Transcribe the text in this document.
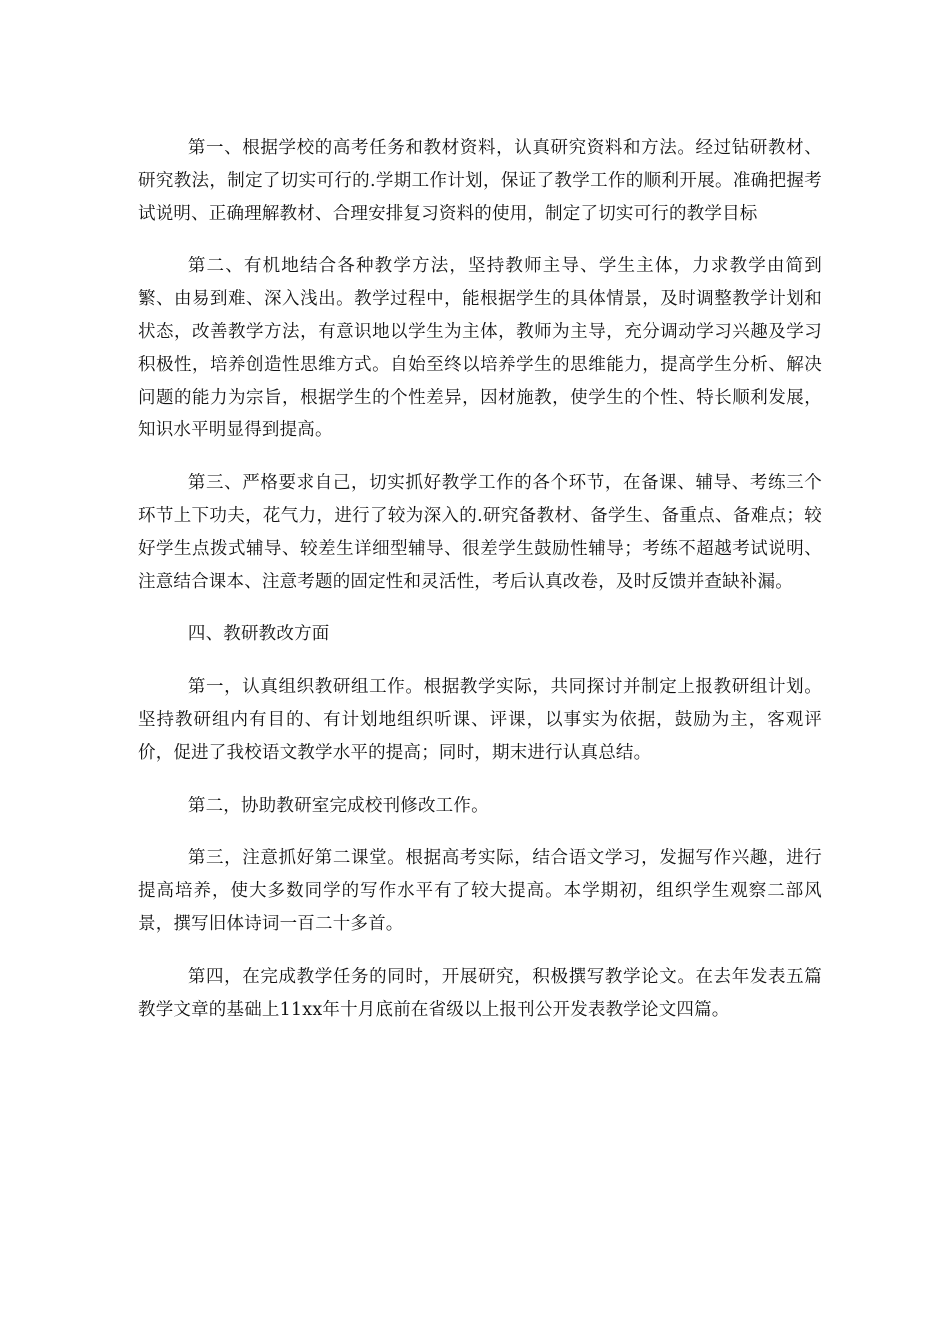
第一、根据学校的高考任务和教材资料，认真研究资料和方法。经过钻研教材、研究教法，制定了切实可行的.学期工作计划，保证了教学工作的顺利开展。准确把握考试说明、正确理解教材、合理安排复习资料的使用，制定了切实可行的教学目标

第二、有机地结合各种教学方法，坚持教师主导、学生主体，力求教学由简到繁、由易到难、深入浅出。教学过程中，能根据学生的具体情景，及时调整教学计划和状态，改善教学方法，有意识地以学生为主体，教师为主导，充分调动学习兴趣及学习积极性，培养创造性思维方式。自始至终以培养学生的思维能力，提高学生分析、解决问题的能力为宗旨，根据学生的个性差异，因材施教，使学生的个性、特长顺利发展，知识水平明显得到提高。

第三、严格要求自己，切实抓好教学工作的各个环节，在备课、辅导、考练三个环节上下功夫，花气力，进行了较为深入的.研究备教材、备学生、备重点、备难点；较好学生点拨式辅导、较差生详细型辅导、很差学生鼓励性辅导；考练不超越考试说明、注意结合课本、注意考题的固定性和灵活性，考后认真改卷，及时反馈并查缺补漏。

四、教研教改方面

第一，认真组织教研组工作。根据教学实际，共同探讨并制定上报教研组计划。坚持教研组内有目的、有计划地组织听课、评课，以事实为依据，鼓励为主，客观评价，促进了我校语文教学水平的提高；同时，期末进行认真总结。

第二，协助教研室完成校刊修改工作。

第三，注意抓好第二课堂。根据高考实际，结合语文学习，发掘写作兴趣，进行提高培养，使大多数同学的写作水平有了较大提高。本学期初，组织学生观察二部风景，撰写旧体诗词一百二十多首。

第四，在完成教学任务的同时，开展研究，积极撰写教学论文。在去年发表五篇教学文章的基础上11xx年十月底前在省级以上报刊公开发表教学论文四篇。
